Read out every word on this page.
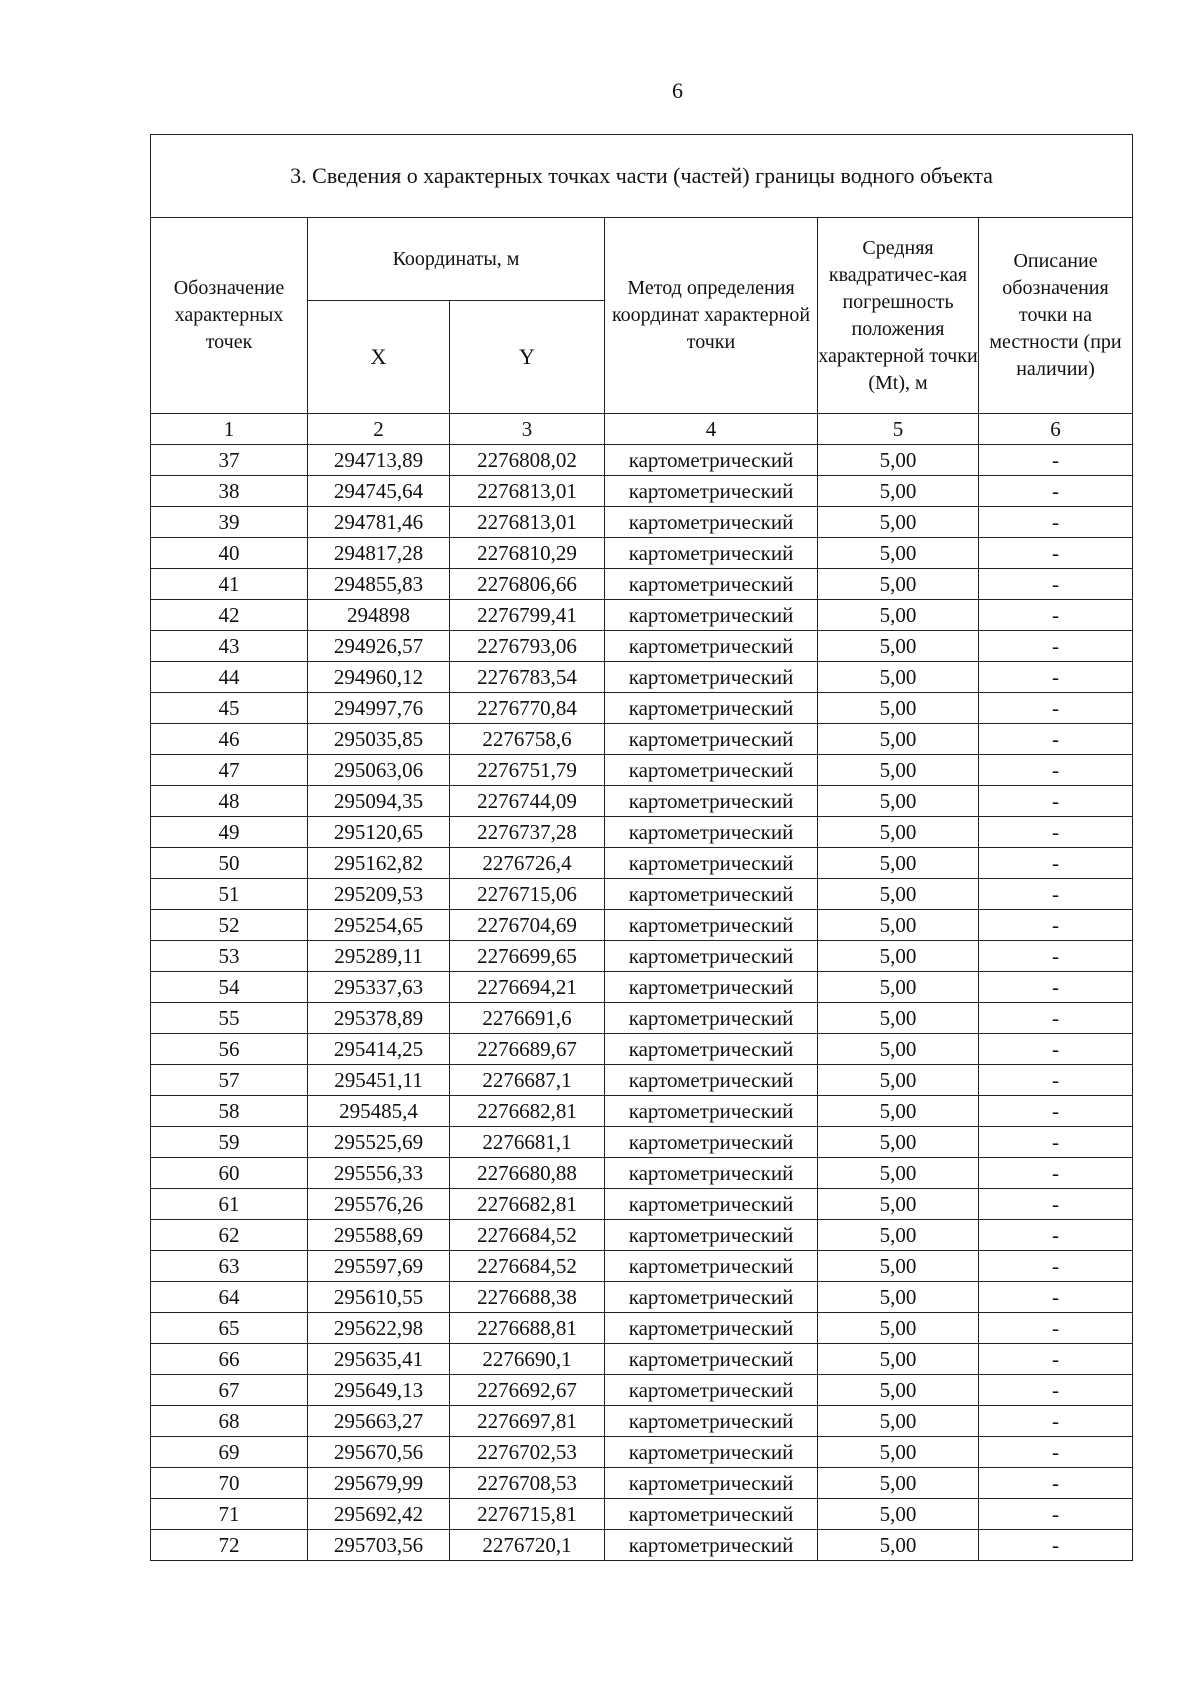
6
3. Сведения о характерных точках части (частей) границы водного объекта					
Обозначение характерных точек	Координаты, м		Метод определения координат характерной точки	Средняя квадратичес-кая погрешность положения характерной точки (Mt), м	Описание обозначения точки на местности (при наличии)
	X	Y			
1	2	3	4	5	6
37	294713,89	2276808,02	картометрический	5,00	-
38	294745,64	2276813,01	картометрический	5,00	-
39	294781,46	2276813,01	картометрический	5,00	-
40	294817,28	2276810,29	картометрический	5,00	-
41	294855,83	2276806,66	картометрический	5,00	-
42	294898	2276799,41	картометрический	5,00	-
43	294926,57	2276793,06	картометрический	5,00	-
44	294960,12	2276783,54	картометрический	5,00	-
45	294997,76	2276770,84	картометрический	5,00	-
46	295035,85	2276758,6	картометрический	5,00	-
47	295063,06	2276751,79	картометрический	5,00	-
48	295094,35	2276744,09	картометрический	5,00	-
49	295120,65	2276737,28	картометрический	5,00	-
50	295162,82	2276726,4	картометрический	5,00	-
51	295209,53	2276715,06	картометрический	5,00	-
52	295254,65	2276704,69	картометрический	5,00	-
53	295289,11	2276699,65	картометрический	5,00	-
54	295337,63	2276694,21	картометрический	5,00	-
55	295378,89	2276691,6	картометрический	5,00	-
56	295414,25	2276689,67	картометрический	5,00	-
57	295451,11	2276687,1	картометрический	5,00	-
58	295485,4	2276682,81	картометрический	5,00	-
59	295525,69	2276681,1	картометрический	5,00	-
60	295556,33	2276680,88	картометрический	5,00	-
61	295576,26	2276682,81	картометрический	5,00	-
62	295588,69	2276684,52	картометрический	5,00	-
63	295597,69	2276684,52	картометрический	5,00	-
64	295610,55	2276688,38	картометрический	5,00	-
65	295622,98	2276688,81	картометрический	5,00	-
66	295635,41	2276690,1	картометрический	5,00	-
67	295649,13	2276692,67	картометрический	5,00	-
68	295663,27	2276697,81	картометрический	5,00	-
69	295670,56	2276702,53	картометрический	5,00	-
70	295679,99	2276708,53	картометрический	5,00	-
71	295692,42	2276715,81	картометрический	5,00	-
72	295703,56	2276720,1	картометрический	5,00	-
